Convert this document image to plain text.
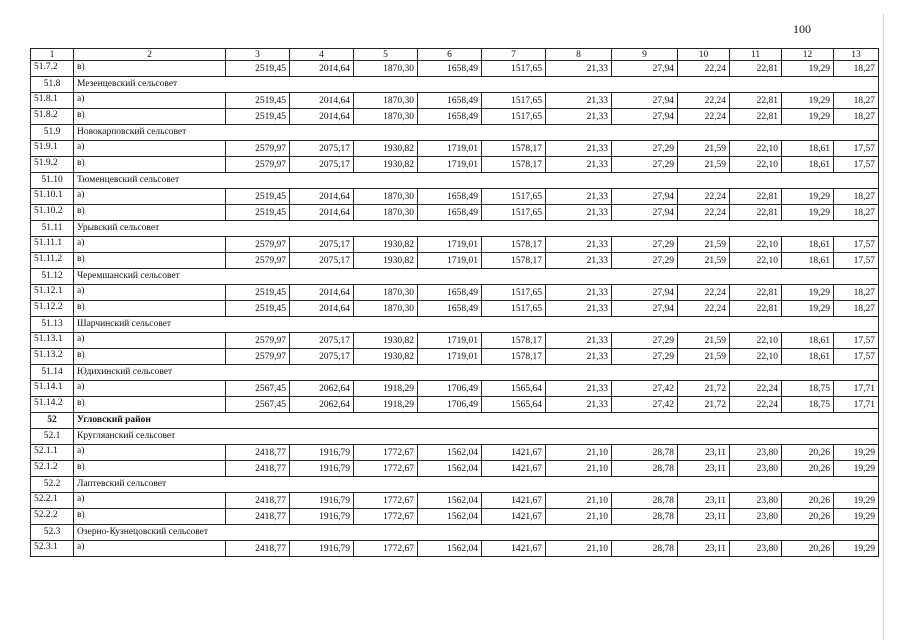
100
1	2	3	4	5	6	7	8	9	10	11	12	13
51.7.2	в)	2519,45	2014,64	1870,30	1658,49	1517,65	21,33	27,94	22,24	22,81	19,29	18,27
51.8	Мезенцевский сельсовет											
51.8.1	а)	2519,45	2014,64	1870,30	1658,49	1517,65	21,33	27,94	22,24	22,81	19,29	18,27
51.8.2	в)	2519,45	2014,64	1870,30	1658,49	1517,65	21,33	27,94	22,24	22,81	19,29	18,27
51.9	Новокарповский сельсовет											
51.9.1	а)	2579,97	2075,17	1930,82	1719,01	1578,17	21,33	27,29	21,59	22,10	18,61	17,57
51.9.2	в)	2579,97	2075,17	1930,82	1719,01	1578,17	21,33	27,29	21,59	22,10	18,61	17,57
51.10	Тюменцевский сельсовет											
51.10.1	а)	2519,45	2014,64	1870,30	1658,49	1517,65	21,33	27,94	22,24	22,81	19,29	18,27
51.10.2	в)	2519,45	2014,64	1870,30	1658,49	1517,65	21,33	27,94	22,24	22,81	19,29	18,27
51.11	Урывский сельсовет											
51.11.1	а)	2579,97	2075,17	1930,82	1719,01	1578,17	21,33	27,29	21,59	22,10	18,61	17,57
51.11.2	в)	2579,97	2075,17	1930,82	1719,01	1578,17	21,33	27,29	21,59	22,10	18,61	17,57
51.12	Черемшанский сельсовет											
51.12.1	а)	2519,45	2014,64	1870,30	1658,49	1517,65	21,33	27,94	22,24	22,81	19,29	18,27
51.12.2	в)	2519,45	2014,64	1870,30	1658,49	1517,65	21,33	27,94	22,24	22,81	19,29	18,27
51.13	Шарчинский сельсовет											
51.13.1	а)	2579,97	2075,17	1930,82	1719,01	1578,17	21,33	27,29	21,59	22,10	18,61	17,57
51.13.2	в)	2579,97	2075,17	1930,82	1719,01	1578,17	21,33	27,29	21,59	22,10	18,61	17,57
51.14	Юдихинский сельсовет											
51.14.1	а)	2567,45	2062,64	1918,29	1706,49	1565,64	21,33	27,42	21,72	22,24	18,75	17,71
51.14.2	в)	2567,45	2062,64	1918,29	1706,49	1565,64	21,33	27,42	21,72	22,24	18,75	17,71
52	Угловский район											
52.1	Кругляанский сельсовет											
52.1.1	а)	2418,77	1916,79	1772,67	1562,04	1421,67	21,10	28,78	23,11	23,80	20,26	19,29
52.1.2	в)	2418,77	1916,79	1772,67	1562,04	1421,67	21,10	28,78	23,11	23,80	20,26	19,29
52.2	Лаптевский сельсовет											
52.2.1	а)	2418,77	1916,79	1772,67	1562,04	1421,67	21,10	28,78	23,11	23,80	20,26	19,29
52.2.2	в)	2418,77	1916,79	1772,67	1562,04	1421,67	21,10	28,78	23,11	23,80	20,26	19,29
52.3	Озерно-Кузнецовский сельсовет											
52.3.1	а)	2418,77	1916,79	1772,67	1562,04	1421,67	21,10	28,78	23,11	23,80	20,26	19,29
